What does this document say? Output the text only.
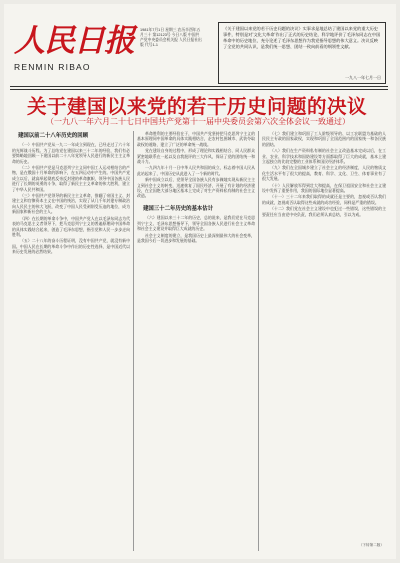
人民日报
RENMIN RIBAO
1981年7月1日 星期三 农历辛酉年五月三十 第12123号 今日八版 中国共产党中央委员会机关报 人民日报社出版 代号1-1
《关于建国以来党的若干历史问题的决议》实事求是地总结了建国以来党的重大历史事件，特别是对'文化大革命'作出了正式的历史结论，科学地评价了毛泽东同志在中国革命中的历史地位，充分论述了毛泽东思想作为我党指导思想的伟大意义。决议反映了全党的共同认识，是我们统一思想、团结一致向前看的纲领性文献。
一九八一年七月一日
关于建国以来党的若干历史问题的决议
（一九八一年六月二十七日中国共产党第十一届中央委员会第六次全体会议一致通过）
建国以前二十八年历史的回顾

（一）中国共产党从一九二一年成立到现在，已经走过了六十年的光辉战斗历程。为了总结党在建国以来三十二年的经验，我们有必要简略地回顾一下建国以前二十八年党领导人民进行的新民主主义革命的历史。

（二）中国共产党是马克思列宁主义同中国工人运动相结合的产物，是在俄国十月革命的影响下，在五四运动中产生的。中国共产党成立以后，就高举起彻底反帝反封建的革命旗帜，领导中国各族人民进行了长期的英勇的斗争，取得了新民主主义革命的伟大胜利，建立了中华人民共和国。

（三）中国共产党领导的新民主主义革命，推翻了帝国主义、封建主义和官僚资本主义在中国的统治，实现了从几千年封建专制政治向人民民主的伟大飞跃，改变了中国人民受剥削受压迫的地位，成为新国家和新社会的主人。

（四）在长期的革命斗争中，中国共产党人在以毛泽东同志为代表的马克思主义者领导下，把马克思列宁主义的普遍原理同中国革命的具体实践结合起来，创造了毛泽东思想，指引党和人民一步步走向胜利。

（五）二十八年的奋斗历程证明，没有中国共产党，就没有新中国。中国人民在长期的革命斗争中作出的历史性选择，是中国近代以来历史发展的必然结果。

革命胜利的主要经验在于，中国共产党坚持把马克思列宁主义的基本原理同中国革命的具体实践相结合，走农村包围城市、武装夺取政权的道路，建立了广泛的革命统一战线。

党在建设自身的过程中，形成了理论和实践相结合、同人民群众紧密地联系在一起以及自我批评的三大作风，保证了党的团结统一和战斗力。

一九四九年十月一日中华人民共和国的成立，标志着中国人民从此站起来了，中国历史从此进入了一个新的时代。

新中国成立以后，党领导全国各族人民有步骤地实现从新民主主义到社会主义的转变，迅速恢复了国民经济，开展了有计划的经济建设，在全国绝大部分地区基本上完成了对生产资料私有制的社会主义改造。

建国三十二年历史的基本估计

（六）建国以来三十二年的历史，总的说来，是我们党在马克思列宁主义、毛泽东思想指导下，领导全国各族人民进行社会主义革命和社会主义建设并取得巨大成就的历史。

社会主义制度的建立，是我国历史上最深刻最伟大的社会变革，是我国今后一切进步和发展的基础。

（七）我们建立和巩固了工人阶级领导的、以工农联盟为基础的人民民主专政的国家政权，实现和巩固了全国范围内的国家统一和各民族的团结。

（八）我们在生产资料私有制的社会主义改造基本完成以后，在工业、农业、科学技术和国防建设等方面都取得了巨大的成就，基本上建立起独立的比较完整的工业体系和国民经济体系。

（九）我们在全国城乡建立了社会主义的经济制度，人民的物质文化生活水平有了很大的提高，教育、科学、文化、卫生、体育事业有了很大发展。

（十）人民解放军得到壮大和提高，在保卫祖国安全和社会主义建设中发挥了重要作用，我国的国际地位显著提高。

（十一）三十二年来我们取得的成就还是主要的，忽视或否认我们的成就，忽视或否认取得这些成就的成功经验，同样是严重的错误。

（十二）我们党在社会主义建设中也犯过一些错误，这些错误的主要责任应当由党中央负责，我们必须认真总结，引以为戒。

（下转第二版）
